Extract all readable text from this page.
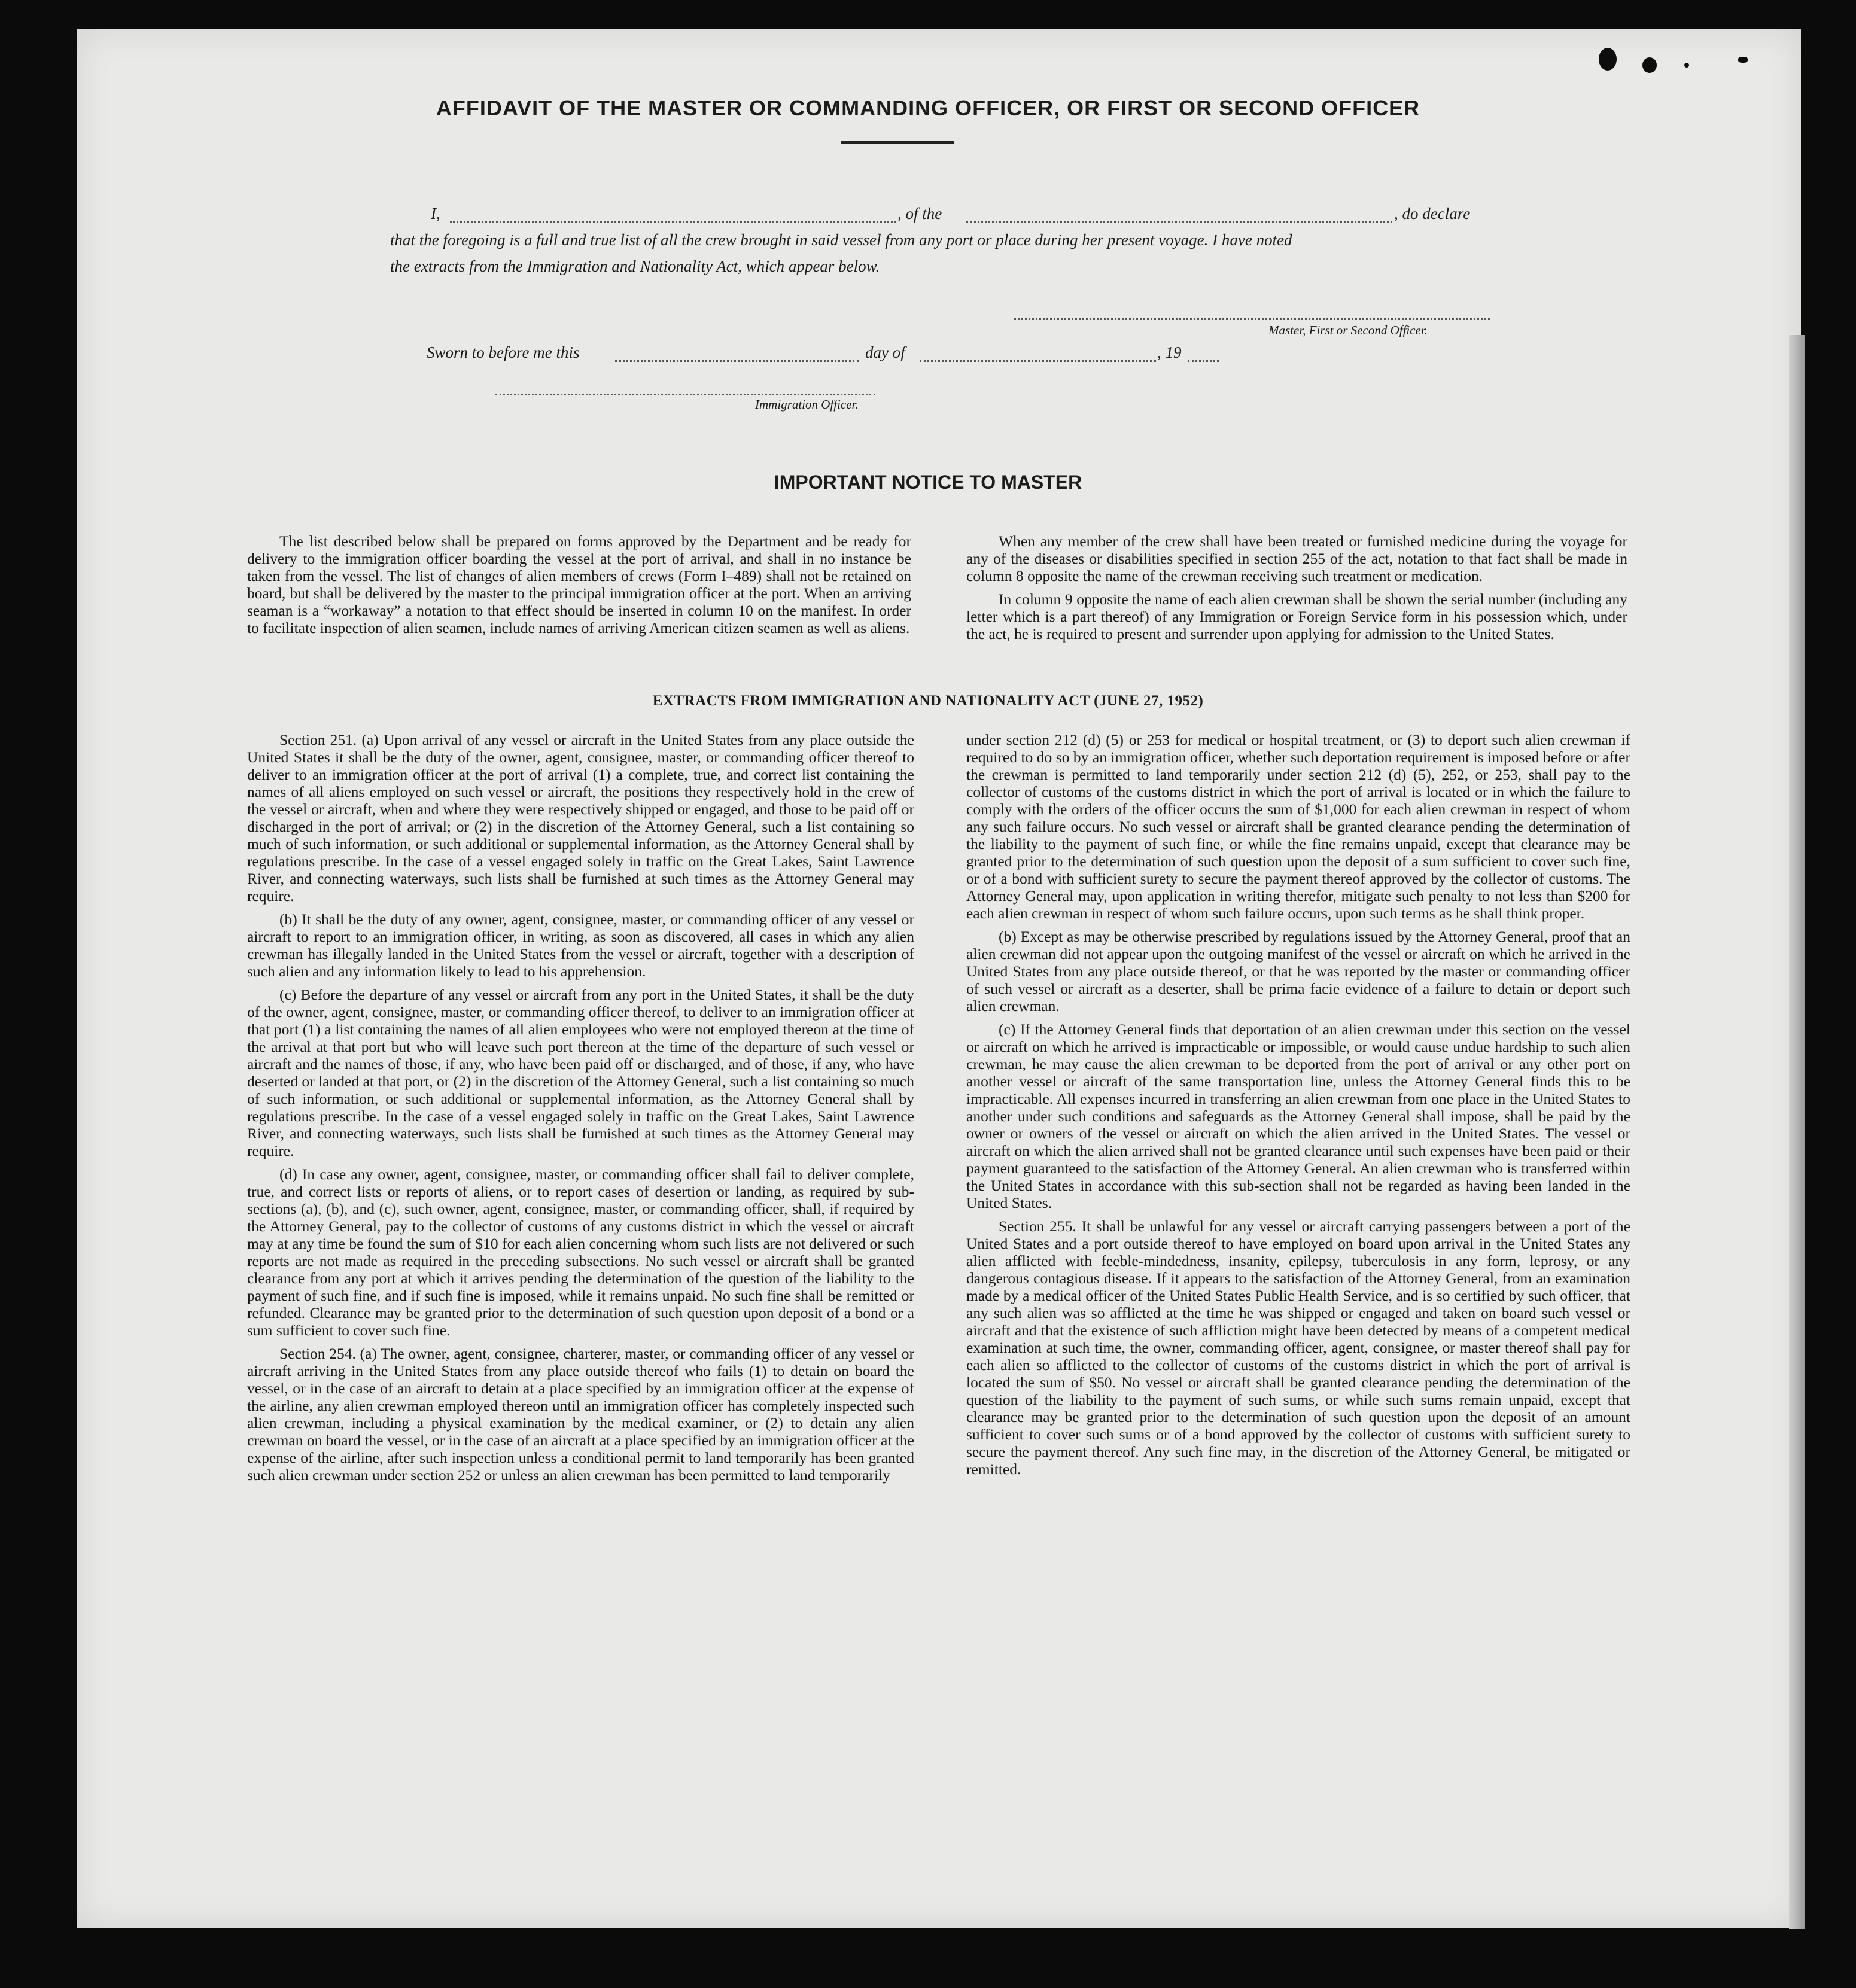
AFFIDAVIT OF THE MASTER OR COMMANDING OFFICER, OR FIRST OR SECOND OFFICER
I,	, of the	, do declare
that the foregoing is a full and true list of all the crew brought in said vessel from any port or place during her present voyage. I have noted
the extracts from the Immigration and Nationality Act, which appear below.
Master, First or Second Officer.
Sworn to before me this	day of	, 19
Immigration Officer.
IMPORTANT NOTICE TO MASTER

The list described below shall be prepared on forms approved by the Department and be ready for delivery to the immigration officer boarding the vessel at the port of arrival, and shall in no instance be taken from the vessel. The list of changes of alien members of crews (Form I–489) shall not be retained on board, but shall be delivered by the master to the principal immigration officer at the port. When an arriving seaman is a “workaway” a notation to that effect should be inserted in column 10 on the manifest. In order to facilitate inspection of alien seamen, include names of arriving American citizen seamen as well as aliens.

When any member of the crew shall have been treated or furnished medicine during the voyage for any of the diseases or disabilities specified in section 255 of the act, notation to that fact shall be made in column 8 opposite the name of the crewman receiving such treatment or medication.

In column 9 opposite the name of each alien crewman shall be shown the serial number (including any letter which is a part thereof) of any Immigration or Foreign Service form in his possession which, under the act, he is required to present and surrender upon applying for admission to the United States.

EXTRACTS FROM IMMIGRATION AND NATIONALITY ACT (JUNE 27, 1952)

Section 251. (a) Upon arrival of any vessel or aircraft in the United States from any place outside the United States it shall be the duty of the owner, agent, consignee, master, or commanding officer thereof to deliver to an immigration officer at the port of arrival (1) a complete, true, and correct list containing the names of all aliens employed on such vessel or aircraft, the positions they respectively hold in the crew of the vessel or aircraft, when and where they were respectively shipped or engaged, and those to be paid off or discharged in the port of arrival; or (2) in the discretion of the Attorney General, such a list containing so much of such information, or such additional or supplemental information, as the Attorney General shall by regulations prescribe. In the case of a vessel engaged solely in traffic on the Great Lakes, Saint Lawrence River, and connecting waterways, such lists shall be furnished at such times as the Attorney General may require.

(b) It shall be the duty of any owner, agent, consignee, master, or commanding officer of any vessel or aircraft to report to an immigration officer, in writing, as soon as discovered, all cases in which any alien crewman has illegally landed in the United States from the vessel or aircraft, together with a description of such alien and any information likely to lead to his apprehension.

(c) Before the departure of any vessel or aircraft from any port in the United States, it shall be the duty of the owner, agent, consignee, master, or commanding officer thereof, to deliver to an immigration officer at that port (1) a list containing the names of all alien employees who were not employed thereon at the time of the arrival at that port but who will leave such port thereon at the time of the departure of such vessel or aircraft and the names of those, if any, who have been paid off or discharged, and of those, if any, who have deserted or landed at that port, or (2) in the discretion of the Attorney General, such a list containing so much of such information, or such additional or supplemental information, as the Attorney General shall by regulations prescribe. In the case of a vessel engaged solely in traffic on the Great Lakes, Saint Lawrence River, and connecting waterways, such lists shall be furnished at such times as the Attorney General may require.

(d) In case any owner, agent, consignee, master, or commanding officer shall fail to deliver complete, true, and correct lists or reports of aliens, or to report cases of desertion or landing, as required by sub-sections (a), (b), and (c), such owner, agent, consignee, master, or commanding officer, shall, if required by the Attorney General, pay to the collector of customs of any customs district in which the vessel or aircraft may at any time be found the sum of $10 for each alien concerning whom such lists are not delivered or such reports are not made as required in the preceding subsections. No such vessel or aircraft shall be granted clearance from any port at which it arrives pending the determination of the question of the liability to the payment of such fine, and if such fine is imposed, while it remains unpaid. No such fine shall be remitted or refunded. Clearance may be granted prior to the determination of such question upon deposit of a bond or a sum sufficient to cover such fine.

Section 254. (a) The owner, agent, consignee, charterer, master, or commanding officer of any vessel or aircraft arriving in the United States from any place outside thereof who fails (1) to detain on board the vessel, or in the case of an aircraft to detain at a place specified by an immigration officer at the expense of the airline, any alien crewman employed thereon until an immigration officer has completely inspected such alien crewman, including a physical examination by the medical examiner, or (2) to detain any alien crewman on board the vessel, or in the case of an aircraft at a place specified by an immigration officer at the expense of the airline, after such inspection unless a conditional permit to land temporarily has been granted such alien crewman under section 252 or unless an alien crewman has been permitted to land temporarily

under section 212 (d) (5) or 253 for medical or hospital treatment, or (3) to deport such alien crewman if required to do so by an immigration officer, whether such deportation requirement is imposed before or after the crewman is permitted to land temporarily under section 212 (d) (5), 252, or 253, shall pay to the collector of customs of the customs district in which the port of arrival is located or in which the failure to comply with the orders of the officer occurs the sum of $1,000 for each alien crewman in respect of whom any such failure occurs. No such vessel or aircraft shall be granted clearance pending the determination of the liability to the payment of such fine, or while the fine remains unpaid, except that clearance may be granted prior to the determination of such question upon the deposit of a sum sufficient to cover such fine, or of a bond with sufficient surety to secure the payment thereof approved by the collector of customs. The Attorney General may, upon application in writing therefor, mitigate such penalty to not less than $200 for each alien crewman in respect of whom such failure occurs, upon such terms as he shall think proper.

(b) Except as may be otherwise prescribed by regulations issued by the Attorney General, proof that an alien crewman did not appear upon the outgoing manifest of the vessel or aircraft on which he arrived in the United States from any place outside thereof, or that he was reported by the master or commanding officer of such vessel or aircraft as a deserter, shall be prima facie evidence of a failure to detain or deport such alien crewman.

(c) If the Attorney General finds that deportation of an alien crewman under this section on the vessel or aircraft on which he arrived is impracticable or impossible, or would cause undue hardship to such alien crewman, he may cause the alien crewman to be deported from the port of arrival or any other port on another vessel or aircraft of the same transportation line, unless the Attorney General finds this to be impracticable. All expenses incurred in transferring an alien crewman from one place in the United States to another under such conditions and safeguards as the Attorney General shall impose, shall be paid by the owner or owners of the vessel or aircraft on which the alien arrived in the United States. The vessel or aircraft on which the alien arrived shall not be granted clearance until such expenses have been paid or their payment guaranteed to the satisfaction of the Attorney General. An alien crewman who is transferred within the United States in accordance with this sub-section shall not be regarded as having been landed in the United States.

Section 255. It shall be unlawful for any vessel or aircraft carrying passengers between a port of the United States and a port outside thereof to have employed on board upon arrival in the United States any alien afflicted with feeble-mindedness, insanity, epilepsy, tuberculosis in any form, leprosy, or any dangerous contagious disease. If it appears to the satisfaction of the Attorney General, from an examination made by a medical officer of the United States Public Health Service, and is so certified by such officer, that any such alien was so afflicted at the time he was shipped or engaged and taken on board such vessel or aircraft and that the existence of such affliction might have been detected by means of a competent medical examination at such time, the owner, commanding officer, agent, consignee, or master thereof shall pay for each alien so afflicted to the collector of customs of the customs district in which the port of arrival is located the sum of $50. No vessel or aircraft shall be granted clearance pending the determination of the question of the liability to the payment of such sums, or while such sums remain unpaid, except that clearance may be granted prior to the determination of such question upon the deposit of an amount sufficient to cover such sums or of a bond approved by the collector of customs with sufficient surety to secure the payment thereof. Any such fine may, in the discretion of the Attorney General, be mitigated or remitted.
